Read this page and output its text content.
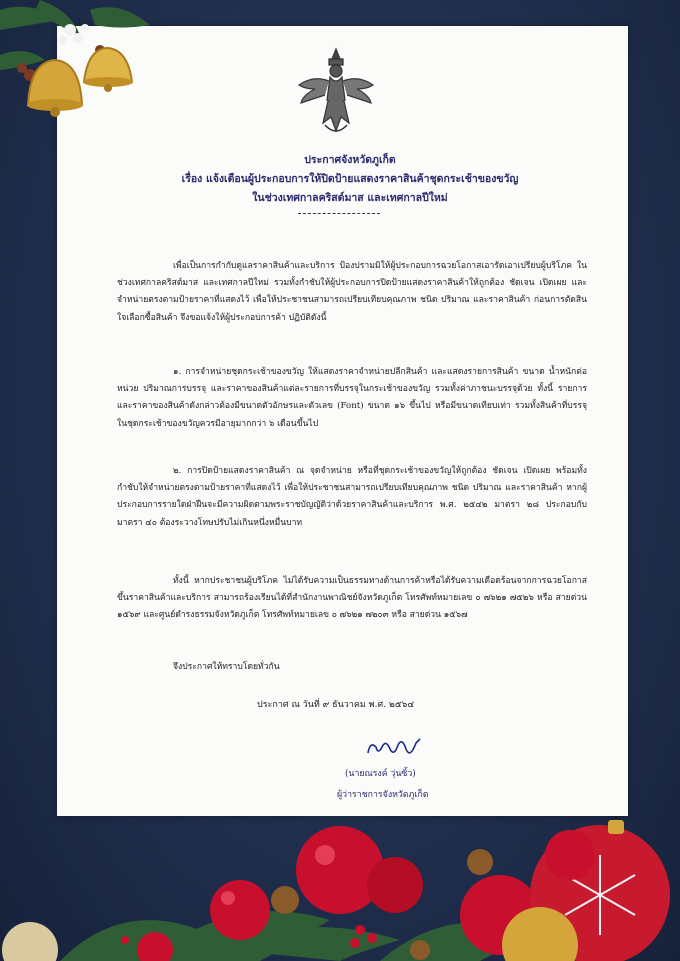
ประกาศจังหวัดภูเก็ต
เรื่อง แจ้งเตือนผู้ประกอบการให้ปิดป้ายแสดงราคาสินค้าชุดกระเช้าของขวัญ
ในช่วงเทศกาลคริสต์มาส และเทศกาลปีใหม่
เพื่อเป็นการกำกับดูแลราคาสินค้าและบริการ ป้องปรามมิให้ผู้ประกอบการฉวยโอกาสเอารัดเอาเปรียบผู้บริโภค ในช่วงเทศกาลคริสต์มาส และเทศกาลปีใหม่ รวมทั้งกำชับให้ผู้ประกอบการปิดป้ายแสดงราคาสินค้าให้ถูกต้อง ชัดเจน เปิดเผย และจำหน่ายตรงตามป้ายราคาที่แสดงไว้ เพื่อให้ประชาชนสามารถเปรียบเทียบคุณภาพ ชนิด ปริมาณ และราคาสินค้า ก่อนการตัดสินใจเลือกซื้อสินค้า จึงขอแจ้งให้ผู้ประกอบการค้า ปฏิบัติดังนี้
๑. การจำหน่ายชุดกระเช้าของขวัญ ให้แสดงราคาจำหน่ายปลีกสินค้า และแสดงรายการสินค้า ขนาด น้ำหนักต่อหน่วย ปริมาณการบรรจุ และราคาของสินค้าแต่ละรายการที่บรรจุในกระเช้าของขวัญ รวมทั้งค่าภาชนะบรรจุด้วย ทั้งนี้ รายการและราคาของสินค้าดังกล่าวต้องมีขนาดตัวอักษรและตัวเลข (Font) ขนาด ๑๖ ขึ้นไป หรือมีขนาดเทียบเท่า รวมทั้งสินค้าที่บรรจุในชุดกระเช้าของขวัญควรมีอายุมากกว่า ๖ เดือนขึ้นไป
๒. การปิดป้ายแสดงราคาสินค้า ณ จุดจำหน่าย หรือที่ชุดกระเช้าของขวัญให้ถูกต้อง ชัดเจน เปิดเผย พร้อมทั้งกำชับให้จำหน่ายตรงตามป้ายราคาที่แสดงไว้ เพื่อให้ประชาชนสามารถเปรียบเทียบคุณภาพ ชนิด ปริมาณ และราคาสินค้า หากผู้ประกอบการรายใดฝ่าฝืนจะมีความผิดตามพระราชบัญญัติว่าด้วยราคาสินค้าและบริการ พ.ศ. ๒๕๔๒ มาตรา ๒๘ ประกอบกับมาตรา ๔๐ ต้องระวางโทษปรับไม่เกินหนึ่งหมื่นบาท
ทั้งนี้ หากประชาชนผู้บริโภค ไม่ได้รับความเป็นธรรมทางด้านการค้าหรือได้รับความเดือดร้อนจากการฉวยโอกาสขึ้นราคาสินค้าและบริการ สามารถร้องเรียนได้ที่สำนักงานพาณิชย์จังหวัดภูเก็ต โทรศัพท์หมายเลข ๐ ๗๖๒๑ ๗๕๒๖ หรือ สายด่วน ๑๕๖๙ และศูนย์ดำรงธรรมจังหวัดภูเก็ต โทรศัพท์หมายเลข ๐ ๗๖๒๑ ๗๒๐๓ หรือ สายด่วน ๑๕๖๗
จึงประกาศให้ทราบโดยทั่วกัน
ประกาศ ณ วันที่ ๙ ธันวาคม พ.ศ. ๒๕๖๔
(นายณรงค์ วุ่นซิ้ว)
ผู้ว่าราชการจังหวัดภูเก็ต
